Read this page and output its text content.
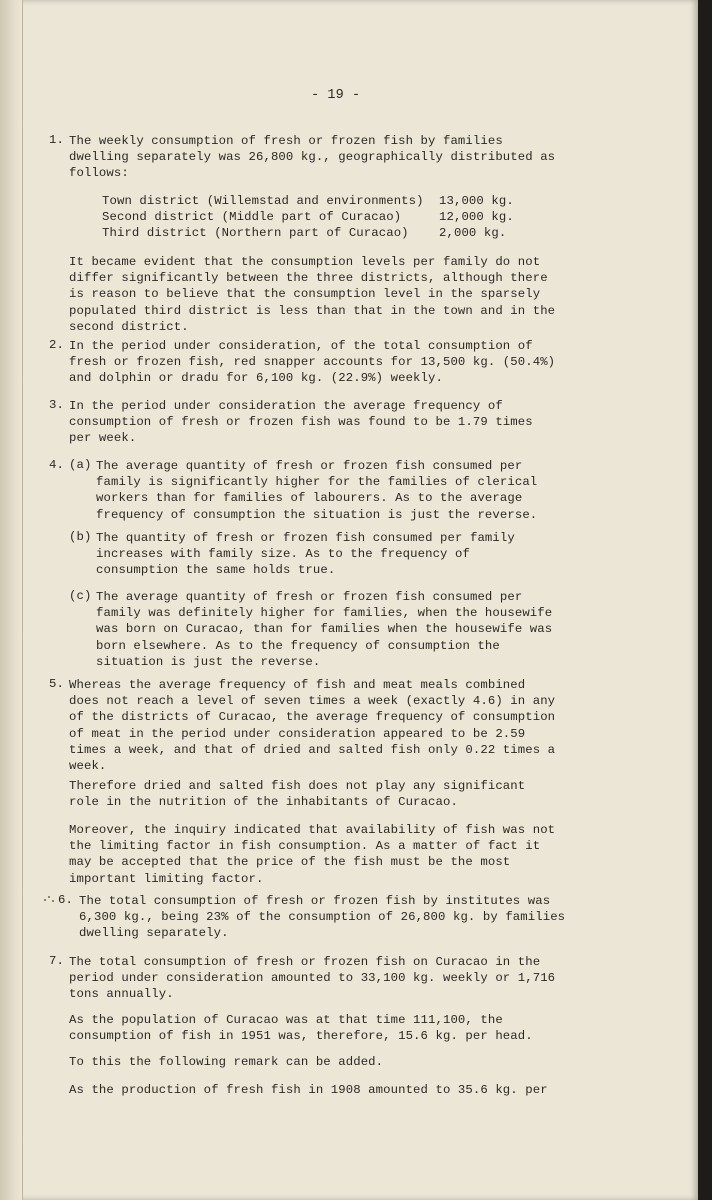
- 19 -
1. The weekly consumption of fresh or frozen fish by families
dwelling separately was 26,800 kg., geographically distributed as
follows:
Town district (Willemstad and environments) 13,000 kg.
Second district (Middle part of Curacao)	12,000 kg.
Third district (Northern part of Curacao) 2,000 kg.
It became evident that the consumption levels per family do not
differ significantly between the three districts, although there
is reason to believe that the consumption level in the sparsely
populated third district is less than that in the town and in the
second district.
2. In the period under consideration, of the total consumption of
fresh or frozen fish, red snapper accounts for 13,500 kg. (50.4%)
and dolphin or dradu for 6,100 kg. (22.9%) weekly.
3. In the period under consideration the average frequency of
consumption of fresh or frozen fish was found to be 1.79 times
per week.
4. (a) The average quantity of fresh or frozen fish consumed per
family is significantly higher for the families of clerical
workers than for families of labourers. As to the average
frequency of consumption the situation is just the reverse.
(b) The quantity of fresh or frozen fish consumed per family
increases with family size. As to the frequency of
consumption the same holds true.
(c) The average quantity of fresh or frozen fish consumed per
family was definitely higher for families, when the housewife
was born on Curacao, than for families when the housewife was
born elsewhere. As to the frequency of consumption the
situation is just the reverse.
5. Whereas the average frequency of fish and meat meals combined
does not reach a level of seven times a week (exactly 4.6) in any
of the districts of Curacao, the average frequency of consumption
of meat in the period under consideration appeared to be 2.59
times a week, and that of dried and salted fish only 0.22 times a
week.
Therefore dried and salted fish does not play any significant
role in the nutrition of the inhabitants of Curacao.
Moreover, the inquiry indicated that availability of fish was not
the limiting factor in fish consumption. As a matter of fact it
may be accepted that the price of the fish must be the most
important limiting factor.
6. The total consumption of fresh or frozen fish by institutes was
6,300 kg., being 23% of the consumption of 26,800 kg. by families
dwelling separately.
7. The total consumption of fresh or frozen fish on Curacao in the
period under consideration amounted to 33,100 kg. weekly or 1,716
tons annually.
As the population of Curacao was at that time 111,100, the
consumption of fish in 1951 was, therefore, 15.6 kg. per head.
To this the following remark can be added.
As the production of fresh fish in 1908 amounted to 35.6 kg. per
